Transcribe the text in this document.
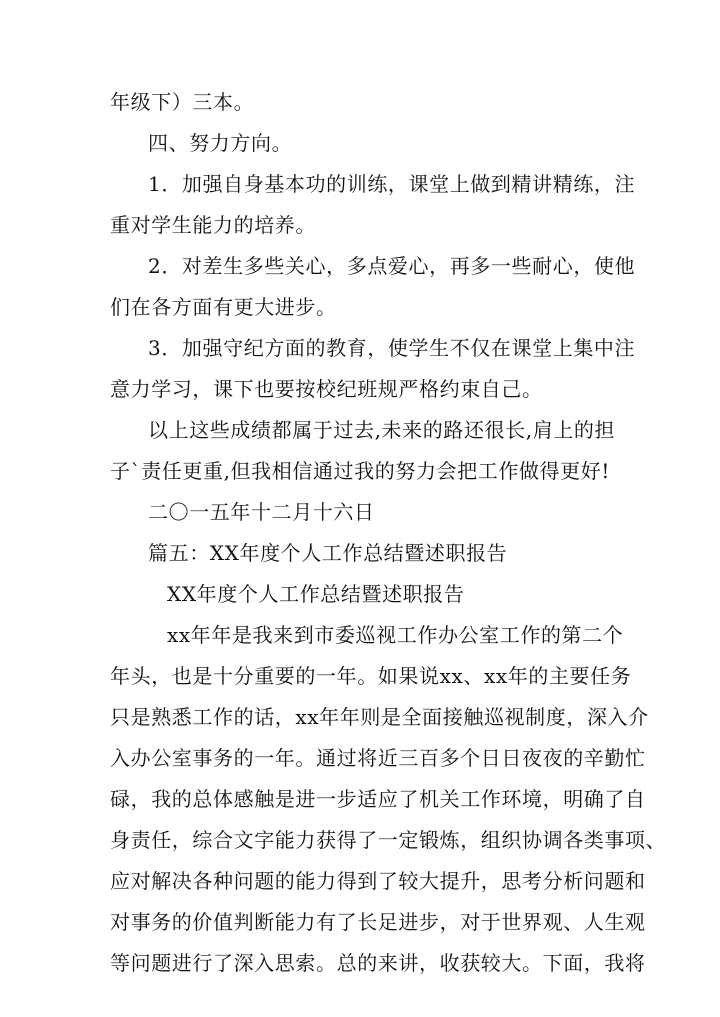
年级下）三本。
四、努力方向。
1．加强自身基本功的训练，课堂上做到精讲精练，注
重对学生能力的培养。
2．对差生多些关心，多点爱心，再多一些耐心，使他
们在各方面有更大进步。
3．加强守纪方面的教育，使学生不仅在课堂上集中注
意力学习，课下也要按校纪班规严格约束自己。
以上这些成绩都属于过去,未来的路还很长,肩上的担
子`责任更重,但我相信通过我的努力会把工作做得更好!
二〇一五年十二月十六日
篇五：XX年度个人工作总结暨述职报告
XX年度个人工作总结暨述职报告
xx年年是我来到市委巡视工作办公室工作的第二个
年头，也是十分重要的一年。如果说xx、xx年的主要任务
只是熟悉工作的话，xx年年则是全面接触巡视制度，深入介
入办公室事务的一年。通过将近三百多个日日夜夜的辛勤忙
碌，我的总体感触是进一步适应了机关工作环境，明确了自
身责任，综合文字能力获得了一定锻炼，组织协调各类事项、
应对解决各种问题的能力得到了较大提升，思考分析问题和
对事务的价值判断能力有了长足进步，对于世界观、人生观
等问题进行了深入思索。总的来讲，收获较大。下面，我将
